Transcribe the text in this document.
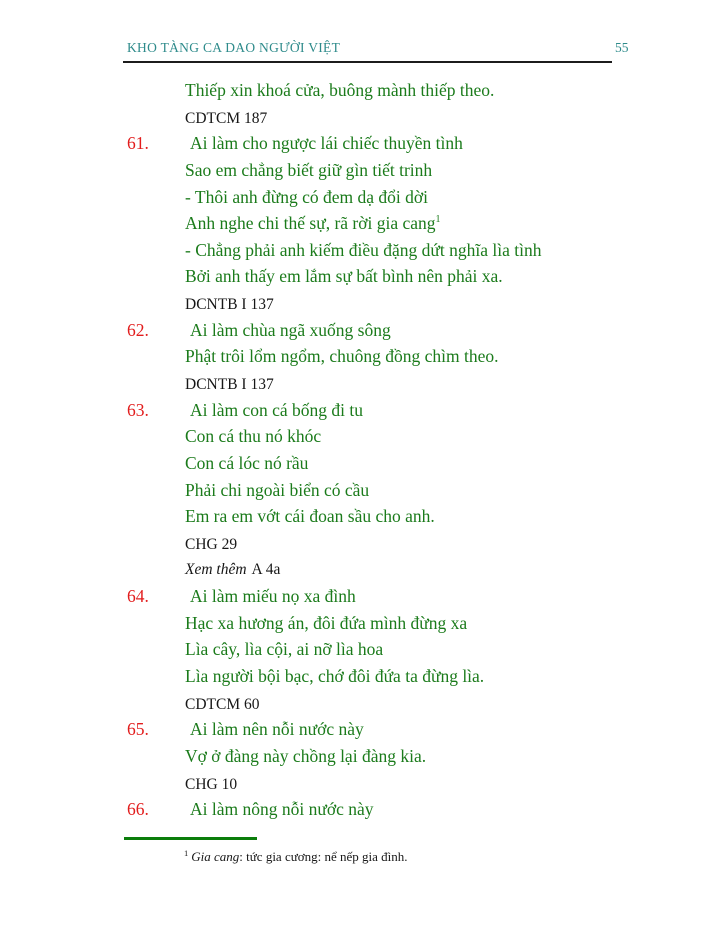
KHO TÀNG CA DAO NGƯỜI VIỆT	55
Thiếp xin khoá cửa, buông mành thiếp theo.
CDTCM 187
61. Ai làm cho ngược lái chiếc thuyền tình
Sao em chẳng biết giữ gìn tiết trinh
- Thôi anh đừng có đem dạ đổi dời
Anh nghe chi thế sự, rã rời gia cang$^1$
- Chẳng phải anh kiếm điều đặng dứt nghĩa lìa tình
Bởi anh thấy em lắm sự bất bình nên phải xa.
DCNTB I 137
62. Ai làm chùa ngã xuống sông
Phật trôi lổm ngổm, chuông đồng chìm theo.
DCNTB I 137
63. Ai làm con cá bống đi tu
Con cá thu nó khóc
Con cá lóc nó rầu
Phải chi ngoài biển có cầu
Em ra em vớt cái đoan sầu cho anh.
CHG 29
Xem thêm A 4a
64. Ai làm miếu nọ xa đình
Hạc xa hương án, đôi đứa mình đừng xa
Lìa cây, lìa cội, ai nỡ lìa hoa
Lìa người bội bạc, chớ đôi đứa ta đừng lìa.
CDTCM 60
65. Ai làm nên nỗi nước này
Vợ ở đàng này chồng lại đàng kia.
CHG 10
66. Ai làm nông nỗi nước này
$^1$ Gia cang: tức gia cương: nể nếp gia đình.
